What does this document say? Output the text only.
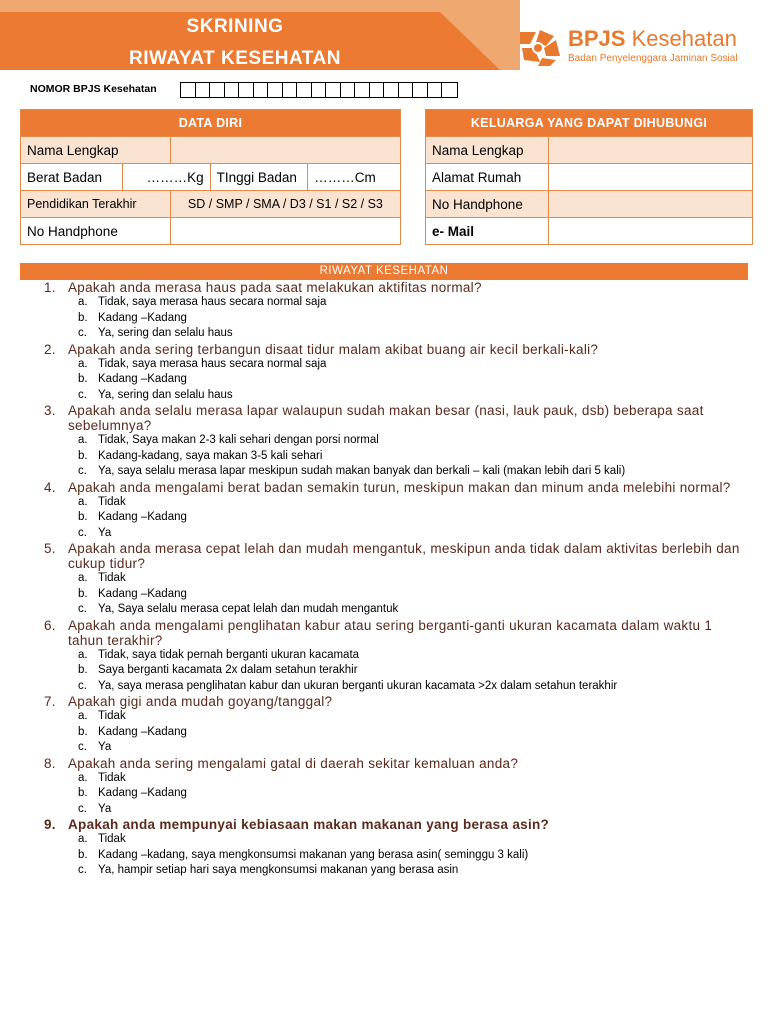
SKRINING
RIWAYAT KESEHATAN
BPJS Kesehatan
Badan Penyelenggara Jaminan Sosial
NOMOR BPJS Kesehatan
DATA DIRI				
Nama Lengkap				
Berat Badan	………Kg		TInggi Badan	………Cm
Pendidikan Terakhir		SD / SMP / SMA / D3 / S1 / S2 / S3		
No Handphone				
KELUARGA YANG DAPAT DIHUBUNGI	
Nama Lengkap	
Alamat Rumah	
No Handphone	
e- Mail	
RIWAYAT KESEHATAN
1. Apakah anda merasa haus pada saat melakukan aktifitas normal?
a. Tidak, saya merasa haus secara normal saja
b. Kadang –Kadang
c. Ya, sering dan selalu haus
2. Apakah anda sering terbangun disaat tidur malam akibat buang air kecil berkali-kali?
a. Tidak, saya merasa haus secara normal saja
b. Kadang –Kadang
c. Ya, sering dan selalu haus
3. Apakah anda selalu merasa lapar walaupun sudah makan besar (nasi, lauk pauk, dsb) beberapa saat sebelumnya?
a. Tidak, Saya makan 2-3 kali sehari dengan porsi normal
b. Kadang-kadang, saya makan 3-5 kali sehari
c. Ya, saya selalu merasa lapar meskipun sudah makan banyak dan berkali – kali (makan lebih dari 5 kali)
4. Apakah anda mengalami berat badan semakin turun, meskipun makan dan minum anda melebihi normal?
a. Tidak
b. Kadang –Kadang
c. Ya
5. Apakah anda merasa cepat lelah dan mudah mengantuk, meskipun anda tidak dalam aktivitas berlebih dan cukup tidur?
a. Tidak
b. Kadang –Kadang
c. Ya, Saya selalu merasa cepat lelah dan mudah mengantuk
6. Apakah anda mengalami penglihatan kabur atau sering berganti-ganti ukuran kacamata dalam waktu 1 tahun terakhir?
a. Tidak, saya tidak pernah berganti ukuran kacamata
b. Saya berganti kacamata 2x dalam setahun terakhir
c. Ya, saya merasa penglihatan kabur dan ukuran berganti ukuran kacamata >2x dalam setahun terakhir
7. Apakah gigi anda mudah goyang/tanggal?
a. Tidak
b. Kadang –Kadang
c. Ya
8. Apakah anda sering mengalami gatal di daerah sekitar kemaluan anda?
a. Tidak
b. Kadang –Kadang
c. Ya
9. Apakah anda mempunyai kebiasaan makan makanan yang berasa asin?
a. Tidak
b. Kadang –kadang, saya mengkonsumsi makanan yang berasa asin( seminggu 3 kali)
c. Ya, hampir setiap hari saya mengkonsumsi makanan yang berasa asin
